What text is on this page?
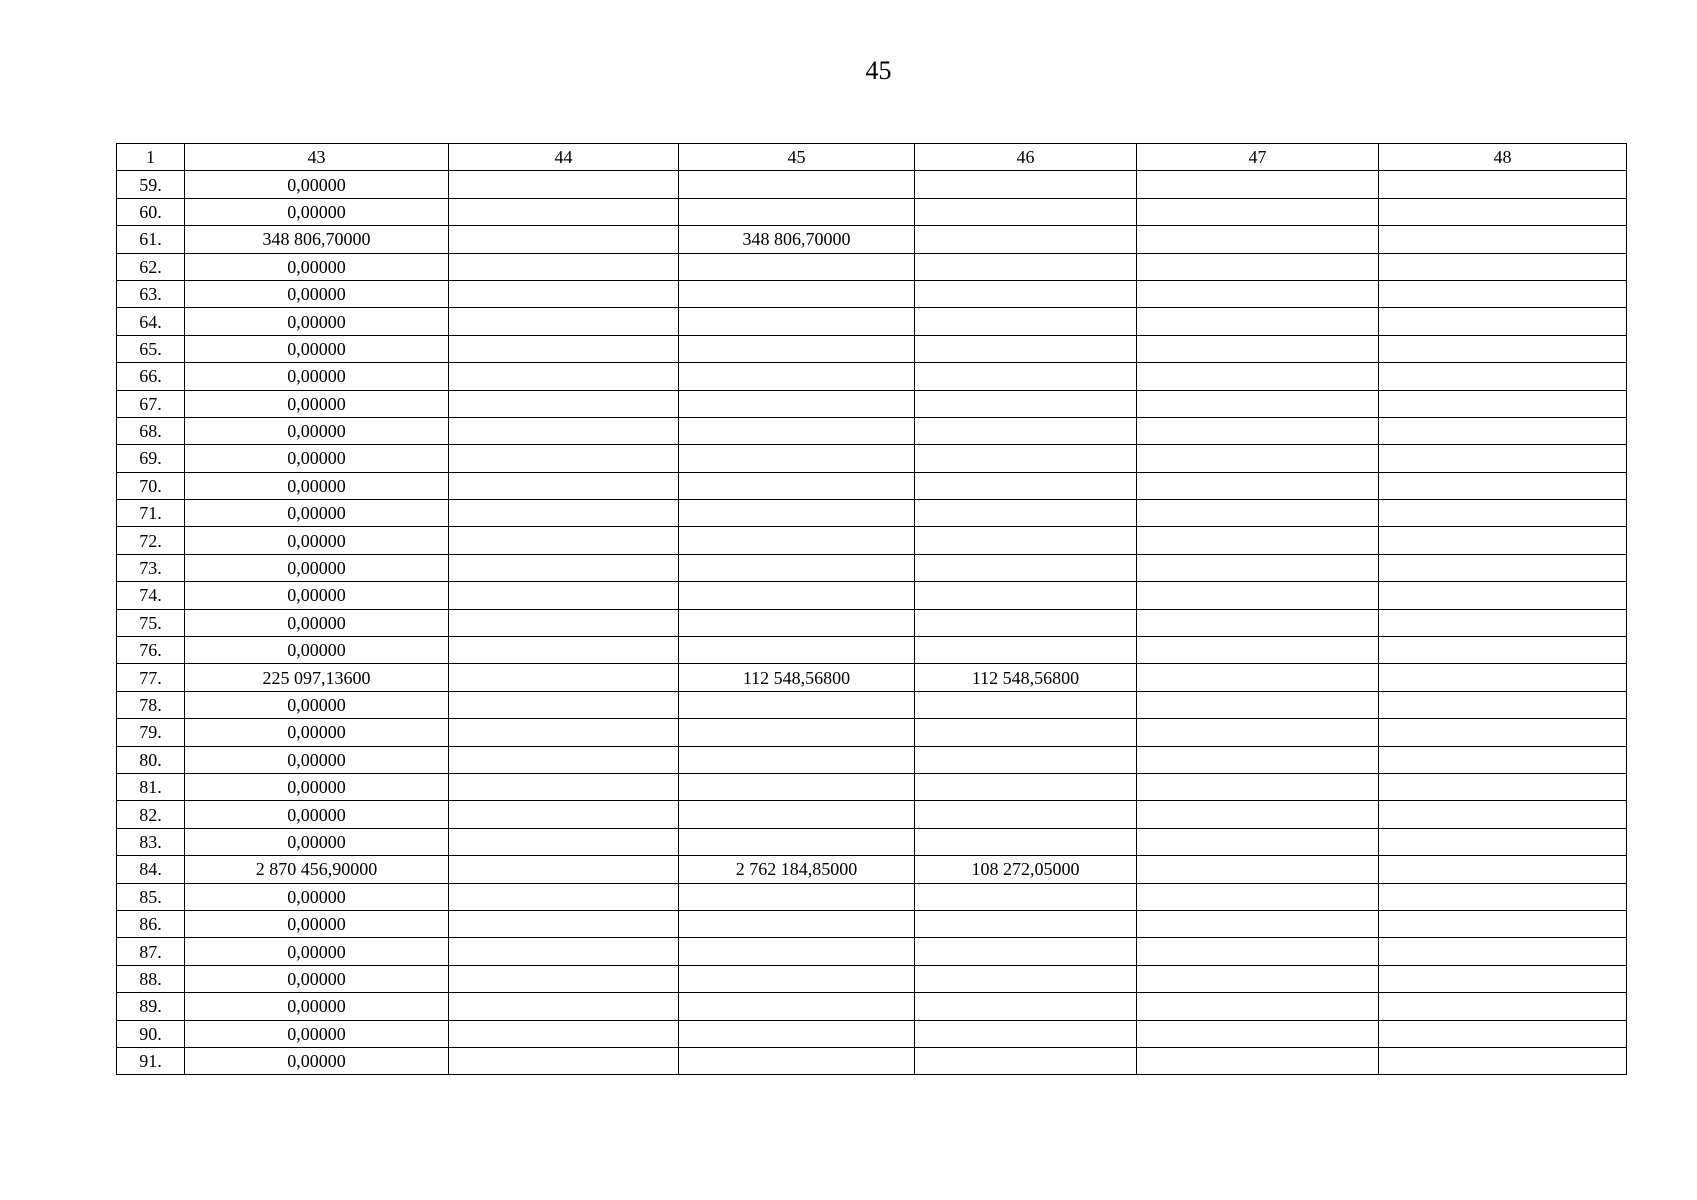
45
1	43	44	45	46	47	48
59.	0,00000					
60.	0,00000					
61.	348 806,70000		348 806,70000			
62.	0,00000					
63.	0,00000					
64.	0,00000					
65.	0,00000					
66.	0,00000					
67.	0,00000					
68.	0,00000					
69.	0,00000					
70.	0,00000					
71.	0,00000					
72.	0,00000					
73.	0,00000					
74.	0,00000					
75.	0,00000					
76.	0,00000					
77.	225 097,13600		112 548,56800	112 548,56800		
78.	0,00000					
79.	0,00000					
80.	0,00000					
81.	0,00000					
82.	0,00000					
83.	0,00000					
84.	2 870 456,90000		2 762 184,85000	108 272,05000		
85.	0,00000					
86.	0,00000					
87.	0,00000					
88.	0,00000					
89.	0,00000					
90.	0,00000					
91.	0,00000					
